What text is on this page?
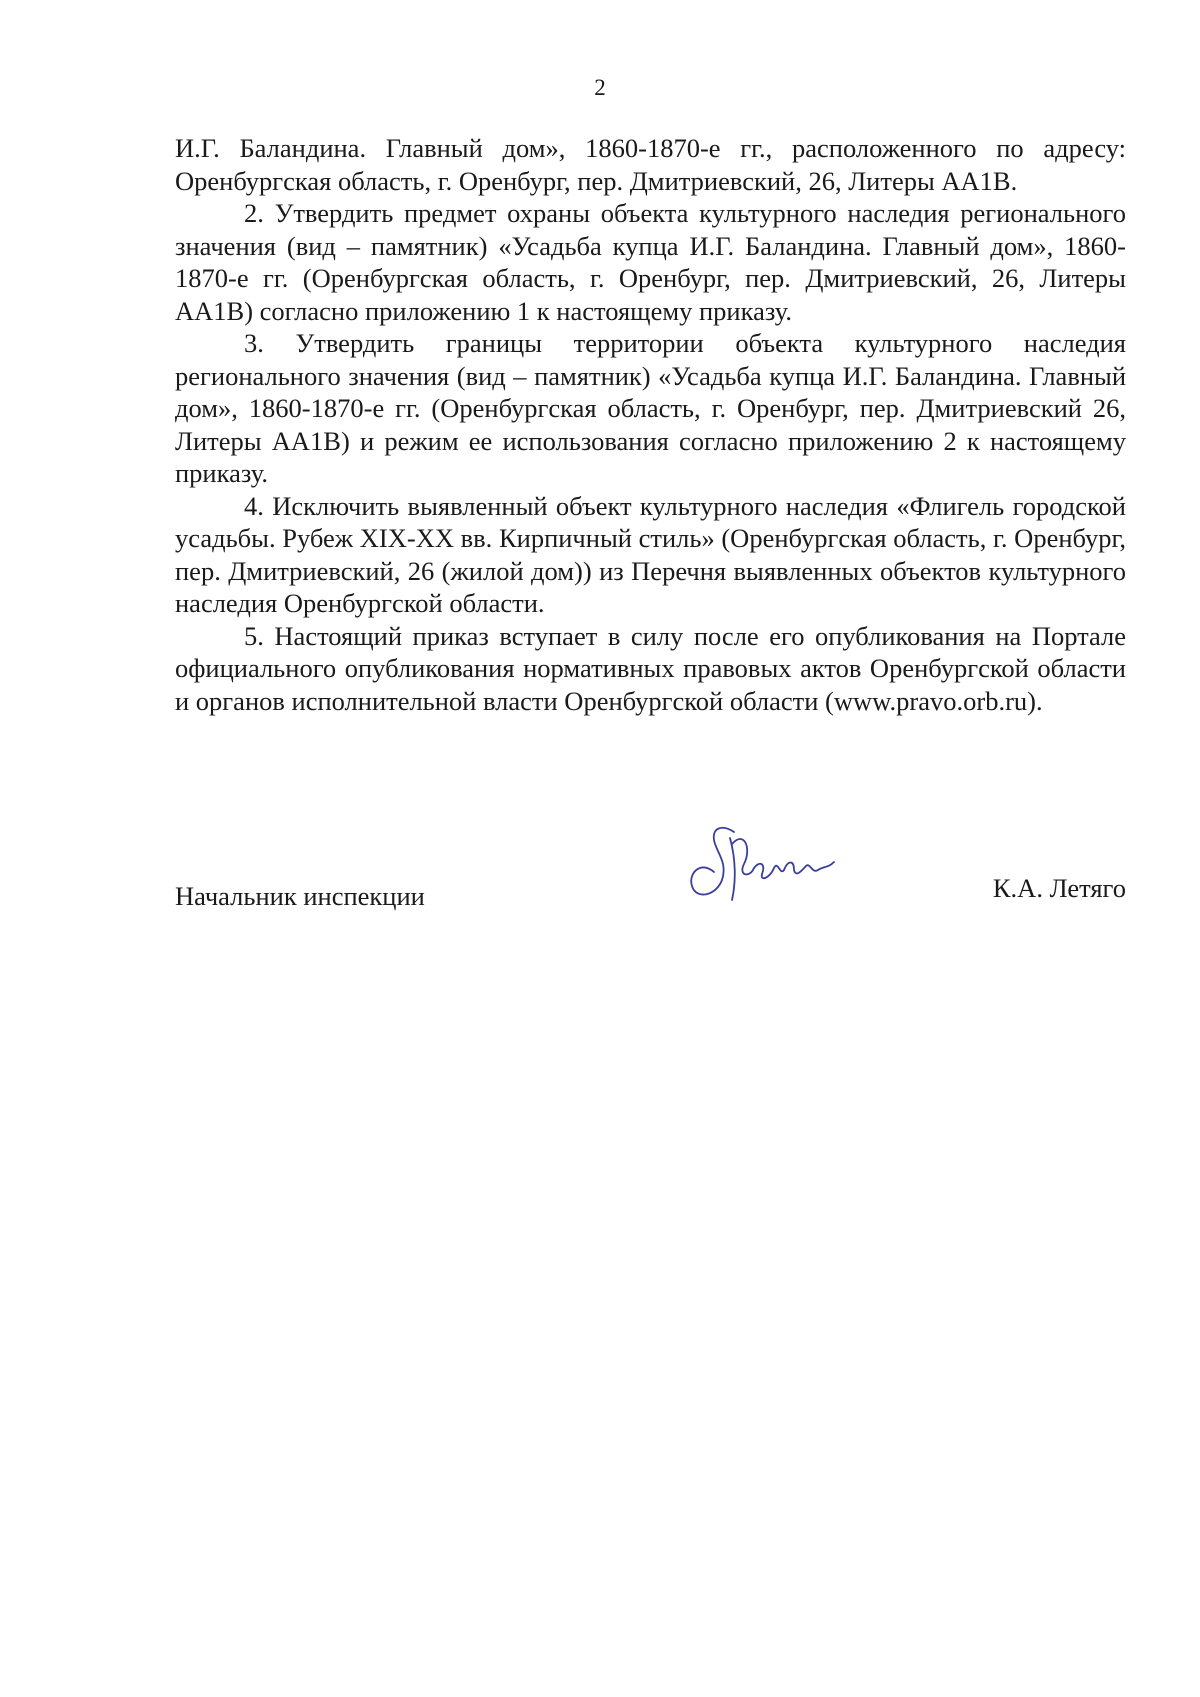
2

И.Г. Баландина. Главный дом», 1860-1870-е гг., расположенного по адресу: Оренбургская область, г. Оренбург, пер. Дмитриевский, 26, Литеры АА1В.

2. Утвердить предмет охраны объекта культурного наследия регионального значения (вид – памятник) «Усадьба купца И.Г. Баландина. Главный дом», 1860-1870-е гг. (Оренбургская область, г. Оренбург, пер. Дмитриевский, 26, Литеры АА1В) согласно приложению 1 к настоящему приказу.

3. Утвердить границы территории объекта культурного наследия регионального значения (вид – памятник) «Усадьба купца И.Г. Баландина. Главный дом», 1860-1870-е гг. (Оренбургская область, г. Оренбург, пер. Дмитриевский 26, Литеры АА1В) и режим ее использования согласно приложению 2 к настоящему приказу.

4. Исключить выявленный объект культурного наследия «Флигель городской усадьбы. Рубеж XIX-XX вв. Кирпичный стиль» (Оренбургская область, г. Оренбург, пер. Дмитриевский, 26 (жилой дом)) из Перечня выявленных объектов культурного наследия Оренбургской области.

5. Настоящий приказ вступает в силу после его опубликования на Портале официального опубликования нормативных правовых актов Оренбургской области и органов исполнительной власти Оренбургской области (www.pravo.orb.ru).

Начальник инспекции	К.А. Летяго
